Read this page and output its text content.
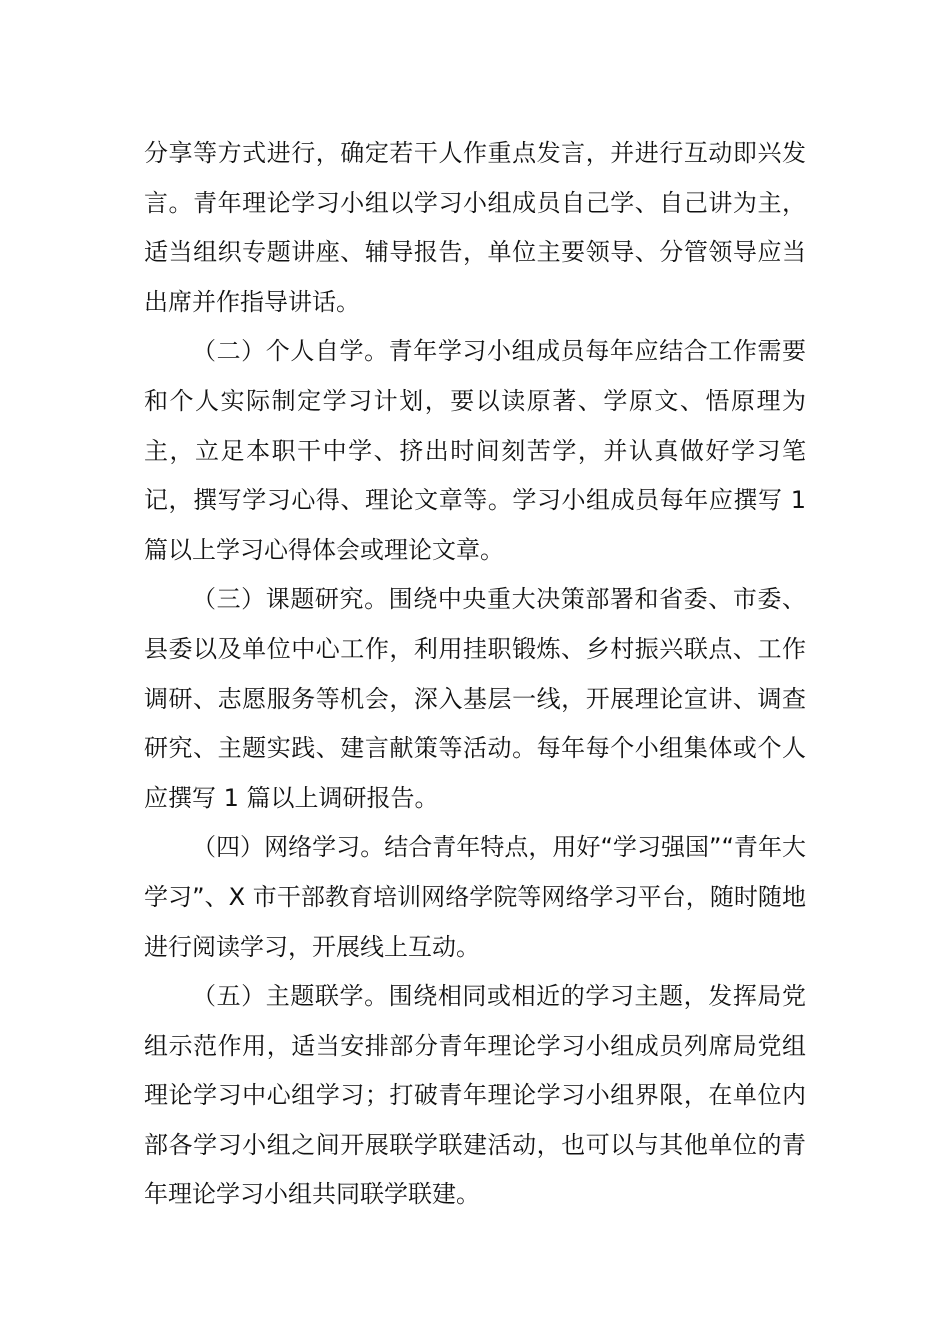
分享等方式进行，确定若干人作重点发言，并进行互动即兴发言。青年理论学习小组以学习小组成员自己学、自己讲为主，适当组织专题讲座、辅导报告，单位主要领导、分管领导应当出席并作指导讲话。

（二）个人自学。青年学习小组成员每年应结合工作需要和个人实际制定学习计划，要以读原著、学原文、悟原理为主，立足本职干中学、挤出时间刻苦学，并认真做好学习笔记，撰写学习心得、理论文章等。学习小组成员每年应撰写 1 篇以上学习心得体会或理论文章。

（三）课题研究。围绕中央重大决策部署和省委、市委、县委以及单位中心工作，利用挂职锻炼、乡村振兴联点、工作调研、志愿服务等机会，深入基层一线，开展理论宣讲、调查研究、主题实践、建言献策等活动。每年每个小组集体或个人应撰写 1 篇以上调研报告。

（四）网络学习。结合青年特点，用好“学习强国”“青年大学习”、X 市干部教育培训网络学院等网络学习平台，随时随地进行阅读学习，开展线上互动。

（五）主题联学。围绕相同或相近的学习主题，发挥局党组示范作用，适当安排部分青年理论学习小组成员列席局党组理论学习中心组学习；打破青年理论学习小组界限，在单位内部各学习小组之间开展联学联建活动，也可以与其他单位的青年理论学习小组共同联学联建。
